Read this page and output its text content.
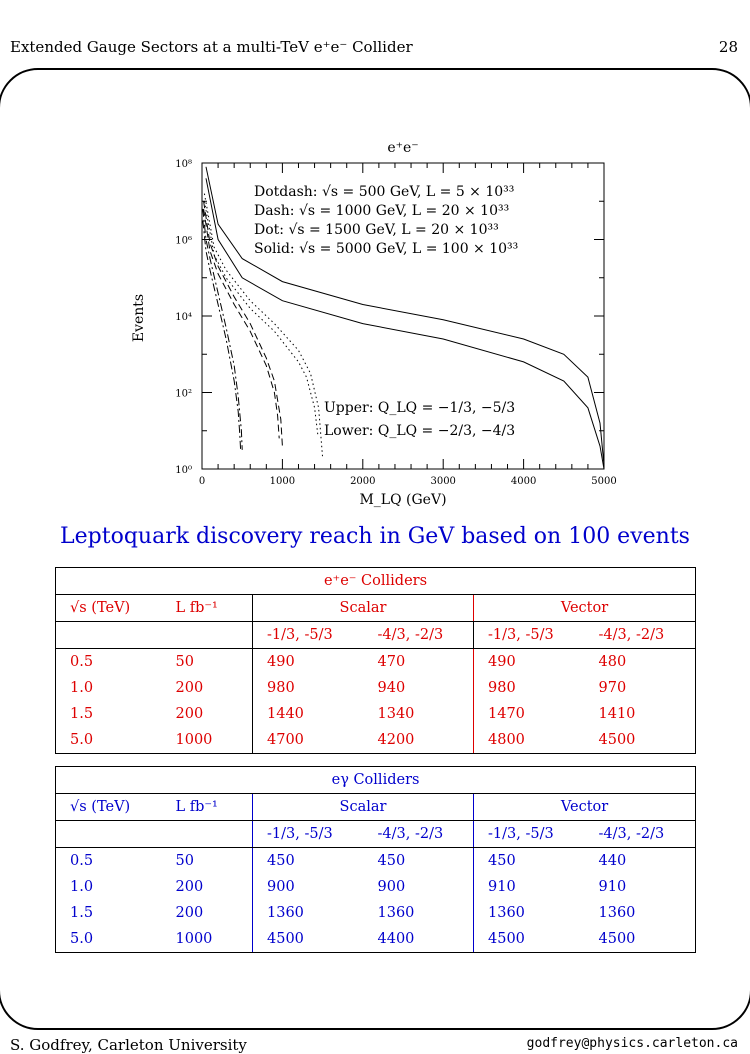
Extended Gauge Sectors at a multi-TeV e⁺e⁻ Collider	28
e⁺e⁻
0	1000	2000	3000	4000	5000
10⁰
10²
10⁴
10⁶
10⁸
Events
M_LQ (GeV)
Dotdash: √s = 500 GeV, L = 5 × 10³³
Dash: √s = 1000 GeV, L = 20 × 10³³
Dot: √s = 1500 GeV, L = 20 × 10³³
Solid: √s = 5000 GeV, L = 100 × 10³³
Upper: Q_LQ = −1/3, −5/3
Lower: Q_LQ = −2/3, −4/3
Leptoquark discovery reach in GeV based on 100 events
e⁺e⁻ Colliders					
√s (TeV)	L fb⁻¹	Scalar		Vector	
		-1/3, -5/3	-4/3, -2/3	-1/3, -5/3	-4/3, -2/3
0.5	50	490	470	490	480
1.0	200	980	940	980	970
1.5	200	1440	1340	1470	1410
5.0	1000	4700	4200	4800	4500
eγ Colliders					
√s (TeV)	L fb⁻¹	Scalar		Vector	
		-1/3, -5/3	-4/3, -2/3	-1/3, -5/3	-4/3, -2/3
0.5	50	450	450	450	440
1.0	200	900	900	910	910
1.5	200	1360	1360	1360	1360
5.0	1000	4500	4400	4500	4500
S. Godfrey, Carleton University	godfrey@physics.carleton.ca
